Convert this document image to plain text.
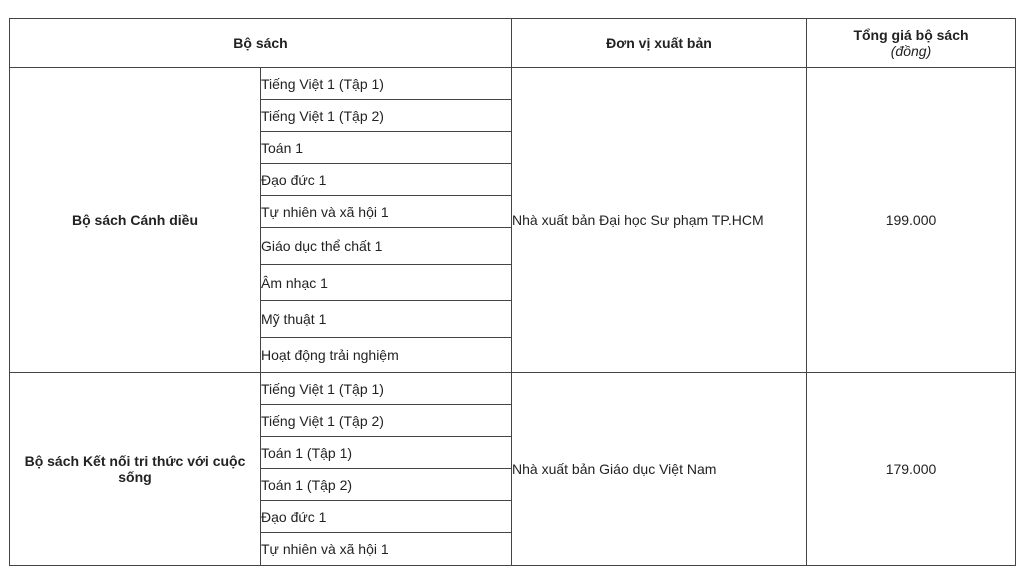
Bộ sách		Đơn vị xuất bản	Tổng giá bộ sách
(đồng)

Bộ sách Cánh diều	Tiếng Việt 1 (Tập 1)	Nhà xuất bản Đại học Sư phạm TP.HCM	199.000
	Tiếng Việt 1 (Tập 2)		
	Toán 1		
	Đạo đức 1		
	Tự nhiên và xã hội 1		
	Giáo dục thể chất 1		
	Âm nhạc 1		
	Mỹ thuật 1		
	Hoạt động trải nghiệm		
Bộ sách Kết nối tri thức với cuộc sống	Tiếng Việt 1 (Tập 1)	Nhà xuất bản Giáo dục Việt Nam	179.000
	Tiếng Việt 1 (Tập 2)		
	Toán 1 (Tập 1)		
	Toán 1 (Tập 2)		
	Đạo đức 1		
	Tự nhiên và xã hội 1		
